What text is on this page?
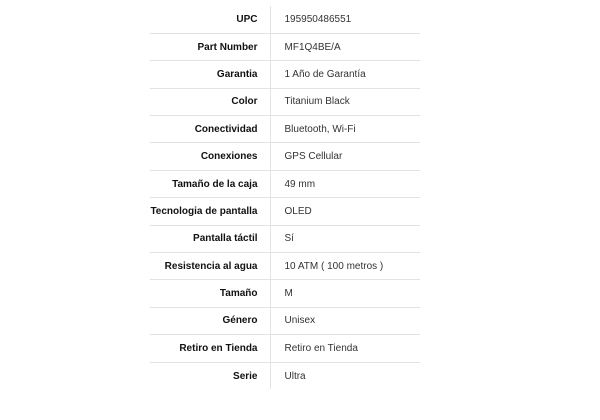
UPC	195950486551
Part Number	MF1Q4BE/A
Garantia	1 Año de Garantía
Color	Titanium Black
Conectividad	Bluetooth, Wi-Fi
Conexiones	GPS Cellular
Tamaño de la caja	49 mm
Tecnologia de pantalla	OLED
Pantalla táctil	Sí
Resistencia al agua	10 ATM ( 100 metros )
Tamaño	M
Género	Unisex
Retiro en Tienda	Retiro en Tienda
Serie	Ultra
